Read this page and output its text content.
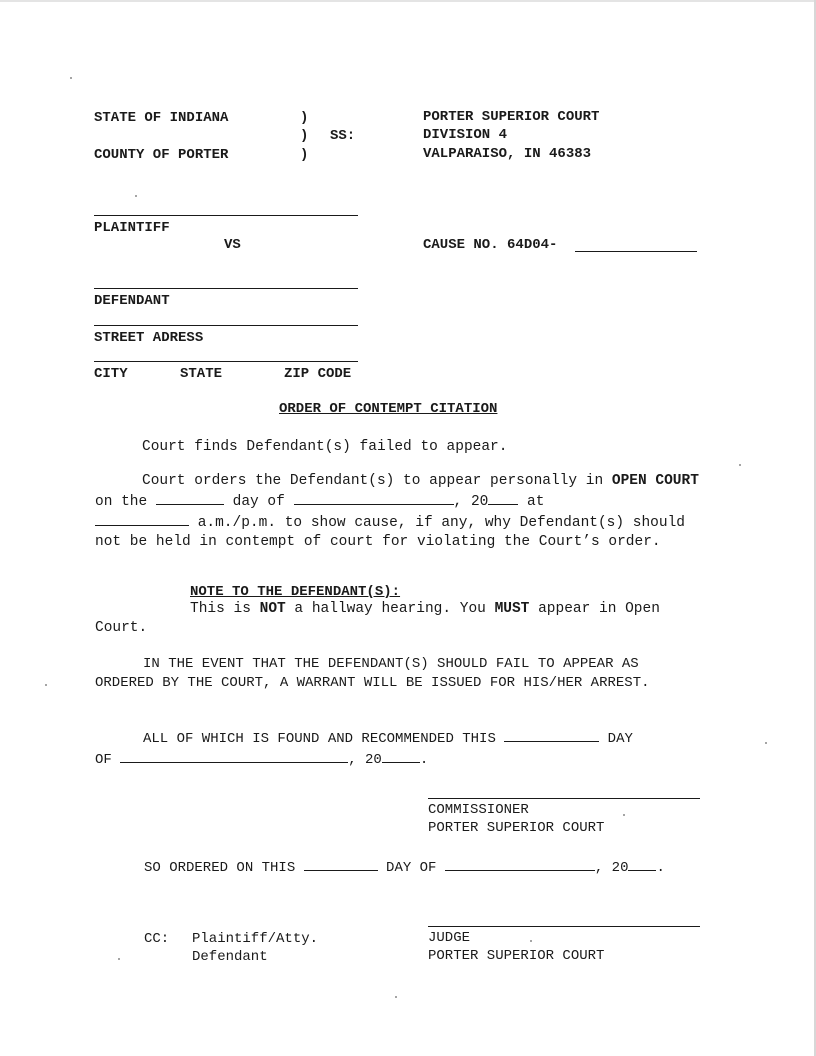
STATE OF INDIANA	)
) SS:
COUNTY OF PORTER	)
PORTER SUPERIOR COURT
DIVISION 4
VALPARAISO, IN 46383
PLAINTIFF
VS	CAUSE NO. 64D04-
DEFENDANT
STREET ADRESS
CITY	STATE	ZIP CODE
ORDER OF CONTEMPT CITATION
Court finds Defendant(s) failed to appear.
Court orders the Defendant(s) to appear personally in OPEN COURT on the	day of	, 20 at
a.m./p.m. to show cause, if any, why Defendant(s) should not be held in contempt of court for violating the Court’s order.
NOTE TO THE DEFENDANT(S):
This is NOT a hallway hearing. You MUST appear in Open Court.
IN THE EVENT THAT THE DEFENDANT(S) SHOULD FAIL TO APPEAR AS ORDERED BY THE COURT, A WARRANT WILL BE ISSUED FOR HIS/HER ARREST.
ALL OF WHICH IS FOUND AND RECOMMENDED THIS	DAY
OF	, 20	.
COMMISSIONER
PORTER SUPERIOR COURT
SO ORDERED ON THIS	DAY OF	, 20 .
JUDGE
PORTER SUPERIOR COURT
CC: Plaintiff/Atty.
Defendant
